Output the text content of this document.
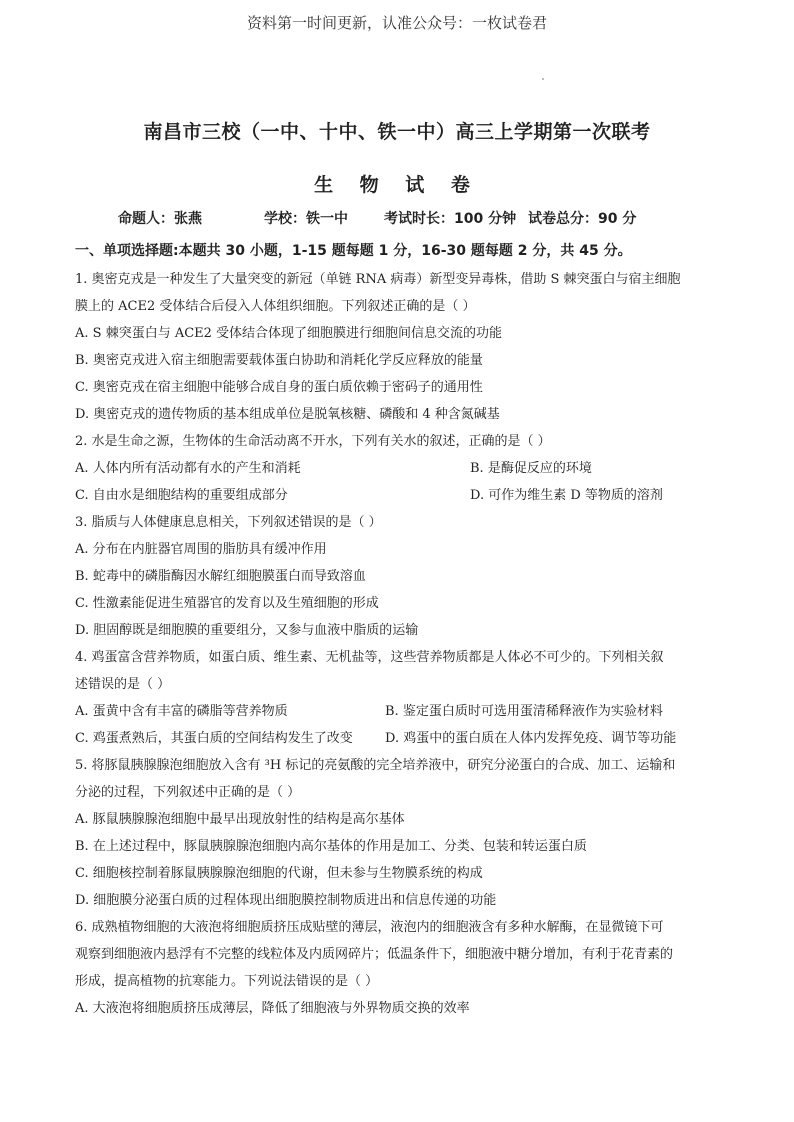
资料第一时间更新，认准公众号：一枚试卷君
南昌市三校（一中、十中、铁一中）高三上学期第一次联考
生 物 试 卷
命题人：张燕	学校：铁一中	考试时长：100 分钟 试卷总分：90 分
一、单项选择题:本题共 30 小题，1-15 题每题 1 分，16-30 题每题 2 分，共 45 分。
1. 奥密克戎是一种发生了大量突变的新冠（单链 RNA 病毒）新型变异毒株，借助 S 棘突蛋白与宿主细胞
膜上的 ACE2 受体结合后侵入人体组织细胞。下列叙述正确的是（ ）
A. S 棘突蛋白与 ACE2 受体结合体现了细胞膜进行细胞间信息交流的功能
B. 奥密克戎进入宿主细胞需要载体蛋白协助和消耗化学反应释放的能量
C. 奥密克戎在宿主细胞中能够合成自身的蛋白质依赖于密码子的通用性
D. 奥密克戎的遗传物质的基本组成单位是脱氧核糖、磷酸和 4 种含氮碱基
2. 水是生命之源，生物体的生命活动离不开水，下列有关水的叙述，正确的是（ ）
A. 人体内所有活动都有水的产生和消耗	B. 是酶促反应的环境
C. 自由水是细胞结构的重要组成部分	D. 可作为维生素 D 等物质的溶剂
3. 脂质与人体健康息息相关，下列叙述错误的是（ ）
A. 分布在内脏器官周围的脂肪具有缓冲作用
B. 蛇毒中的磷脂酶因水解红细胞膜蛋白而导致溶血
C. 性激素能促进生殖器官的发育以及生殖细胞的形成
D. 胆固醇既是细胞膜的重要组分，又参与血液中脂质的运输
4. 鸡蛋富含营养物质，如蛋白质、维生素、无机盐等，这些营养物质都是人体必不可少的。下列相关叙
述错误的是（ ）
A. 蛋黄中含有丰富的磷脂等营养物质	B. 鉴定蛋白质时可选用蛋清稀释液作为实验材料
C. 鸡蛋煮熟后，其蛋白质的空间结构发生了改变 D. 鸡蛋中的蛋白质在人体内发挥免疫、调节等功能
5. 将豚鼠胰腺腺泡细胞放入含有 ³H 标记的亮氨酸的完全培养液中，研究分泌蛋白的合成、加工、运输和
分泌的过程，下列叙述中正确的是（ ）
A. 豚鼠胰腺腺泡细胞中最早出现放射性的结构是高尔基体
B. 在上述过程中，豚鼠胰腺腺泡细胞内高尔基体的作用是加工、分类、包装和转运蛋白质
C. 细胞核控制着豚鼠胰腺腺泡细胞的代谢，但未参与生物膜系统的构成
D. 细胞膜分泌蛋白质的过程体现出细胞膜控制物质进出和信息传递的功能
6. 成熟植物细胞的大液泡将细胞质挤压成贴壁的薄层，液泡内的细胞液含有多种水解酶，在显微镜下可
观察到细胞液内悬浮有不完整的线粒体及内质网碎片；低温条件下，细胞液中糖分增加，有利于花青素的
形成，提高植物的抗寒能力。下列说法错误的是（ ）
A. 大液泡将细胞质挤压成薄层，降低了细胞液与外界物质交换的效率
